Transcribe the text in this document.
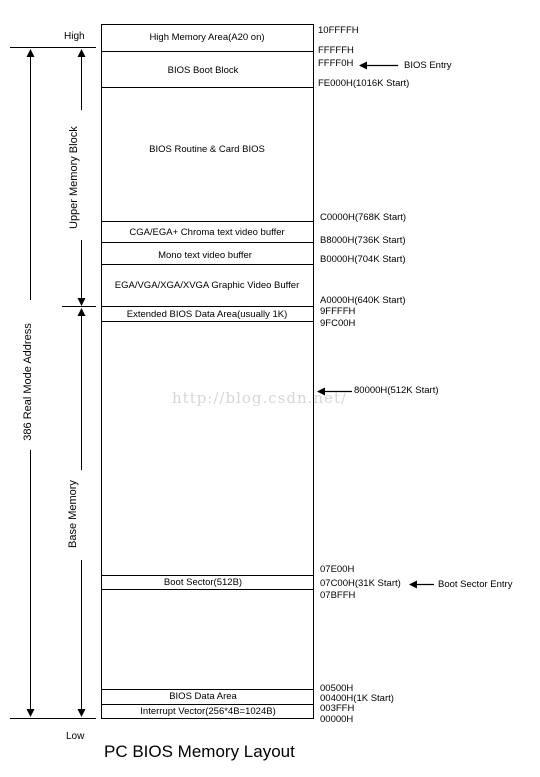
http://blog.csdn.net/
High
Low
386 Real Mode Address
Upper Memory Block
Base Memory
High Memory Area(A20 on)
BIOS Boot Block
BIOS Routine & Card BIOS
CGA/EGA+ Chroma text video buffer
Mono text video buffer
EGA/VGA/XGA/XVGA Graphic Video Buffer
Extended BIOS Data Area(usually 1K)
Boot Sector(512B)
BIOS Data Area
Interrupt Vector(256*4B=1024B)
10FFFFH
FFFFFH
FFFF0H
FE000H(1016K Start)
C0000H(768K Start)
B8000H(736K Start)
B0000H(704K Start)
A0000H(640K Start)
9FFFFH
9FC00H
80000H(512K Start)
07E00H
07C00H(31K Start)
07BFFH
00500H
00400H(1K Start)
003FFH
00000H
BIOS Entry
Boot Sector Entry
PC BIOS Memory Layout
